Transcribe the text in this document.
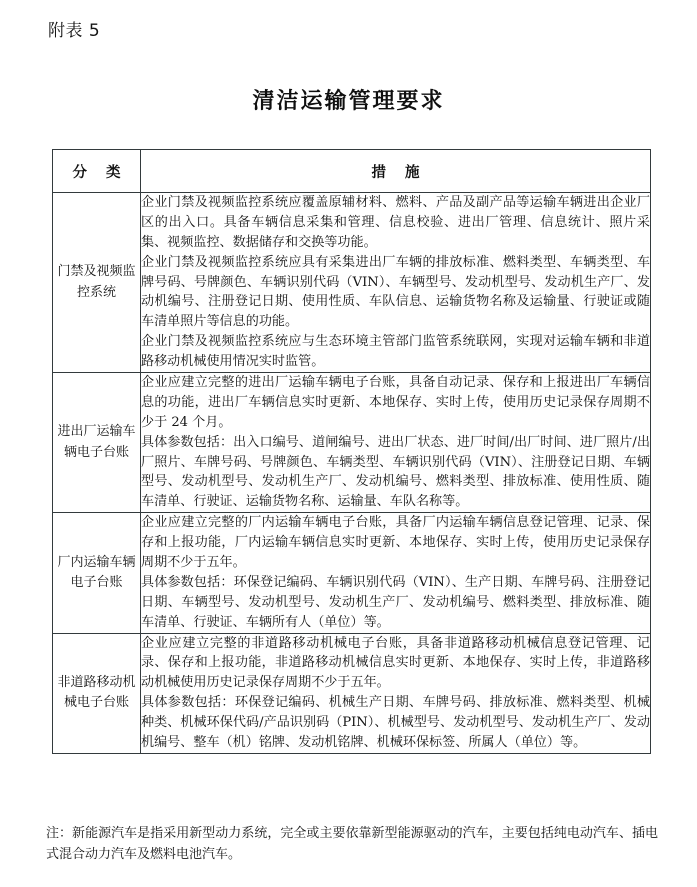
附表 5
清洁运输管理要求
分 类	措 施
门禁及视频监控系统	企业门禁及视频监控系统应覆盖原辅材料、燃料、产品及副产品等运输车辆进出企业厂区的出入口。具备车辆信息采集和管理、信息校验、进出厂管理、信息统计、照片采集、视频监控、数据储存和交换等功能。

企业门禁及视频监控系统应具有采集进出厂车辆的排放标准、燃料类型、车辆类型、车牌号码、号牌颜色、车辆识别代码（VIN）、车辆型号、发动机型号、发动机生产厂、发动机编号、注册登记日期、使用性质、车队信息、运输货物名称及运输量、行驶证或随车清单照片等信息的功能。

企业门禁及视频监控系统应与生态环境主管部门监管系统联网，实现对运输车辆和非道路移动机械使用情况实时监管。

进出厂运输车辆电子台账	企业应建立完整的进出厂运输车辆电子台账，具备自动记录、保存和上报进出厂车辆信息的功能，进出厂车辆信息实时更新、本地保存、实时上传，使用历史记录保存周期不少于 24 个月。

具体参数包括：出入口编号、道闸编号、进出厂状态、进厂时间/出厂时间、进厂照片/出厂照片、车牌号码、号牌颜色、车辆类型、车辆识别代码（VIN）、注册登记日期、车辆型号、发动机型号、发动机生产厂、发动机编号、燃料类型、排放标准、使用性质、随车清单、行驶证、运输货物名称、运输量、车队名称等。

厂内运输车辆电子台账	企业应建立完整的厂内运输车辆电子台账，具备厂内运输车辆信息登记管理、记录、保存和上报功能，厂内运输车辆信息实时更新、本地保存、实时上传，使用历史记录保存周期不少于五年。

具体参数包括：环保登记编码、车辆识别代码（VIN）、生产日期、车牌号码、注册登记日期、车辆型号、发动机型号、发动机生产厂、发动机编号、燃料类型、排放标准、随车清单、行驶证、车辆所有人（单位）等。

非道路移动机械电子台账	企业应建立完整的非道路移动机械电子台账，具备非道路移动机械信息登记管理、记录、保存和上报功能，非道路移动机械信息实时更新、本地保存、实时上传，非道路移动机械使用历史记录保存周期不少于五年。

具体参数包括：环保登记编码、机械生产日期、车牌号码、排放标准、燃料类型、机械种类、机械环保代码/产品识别码（PIN）、机械型号、发动机型号、发动机生产厂、发动机编号、整车（机）铭牌、发动机铭牌、机械环保标签、所属人（单位）等。

注：新能源汽车是指采用新型动力系统，完全或主要依靠新型能源驱动的汽车，主要包括纯电动汽车、插电式混合动力汽车及燃料电池汽车。
